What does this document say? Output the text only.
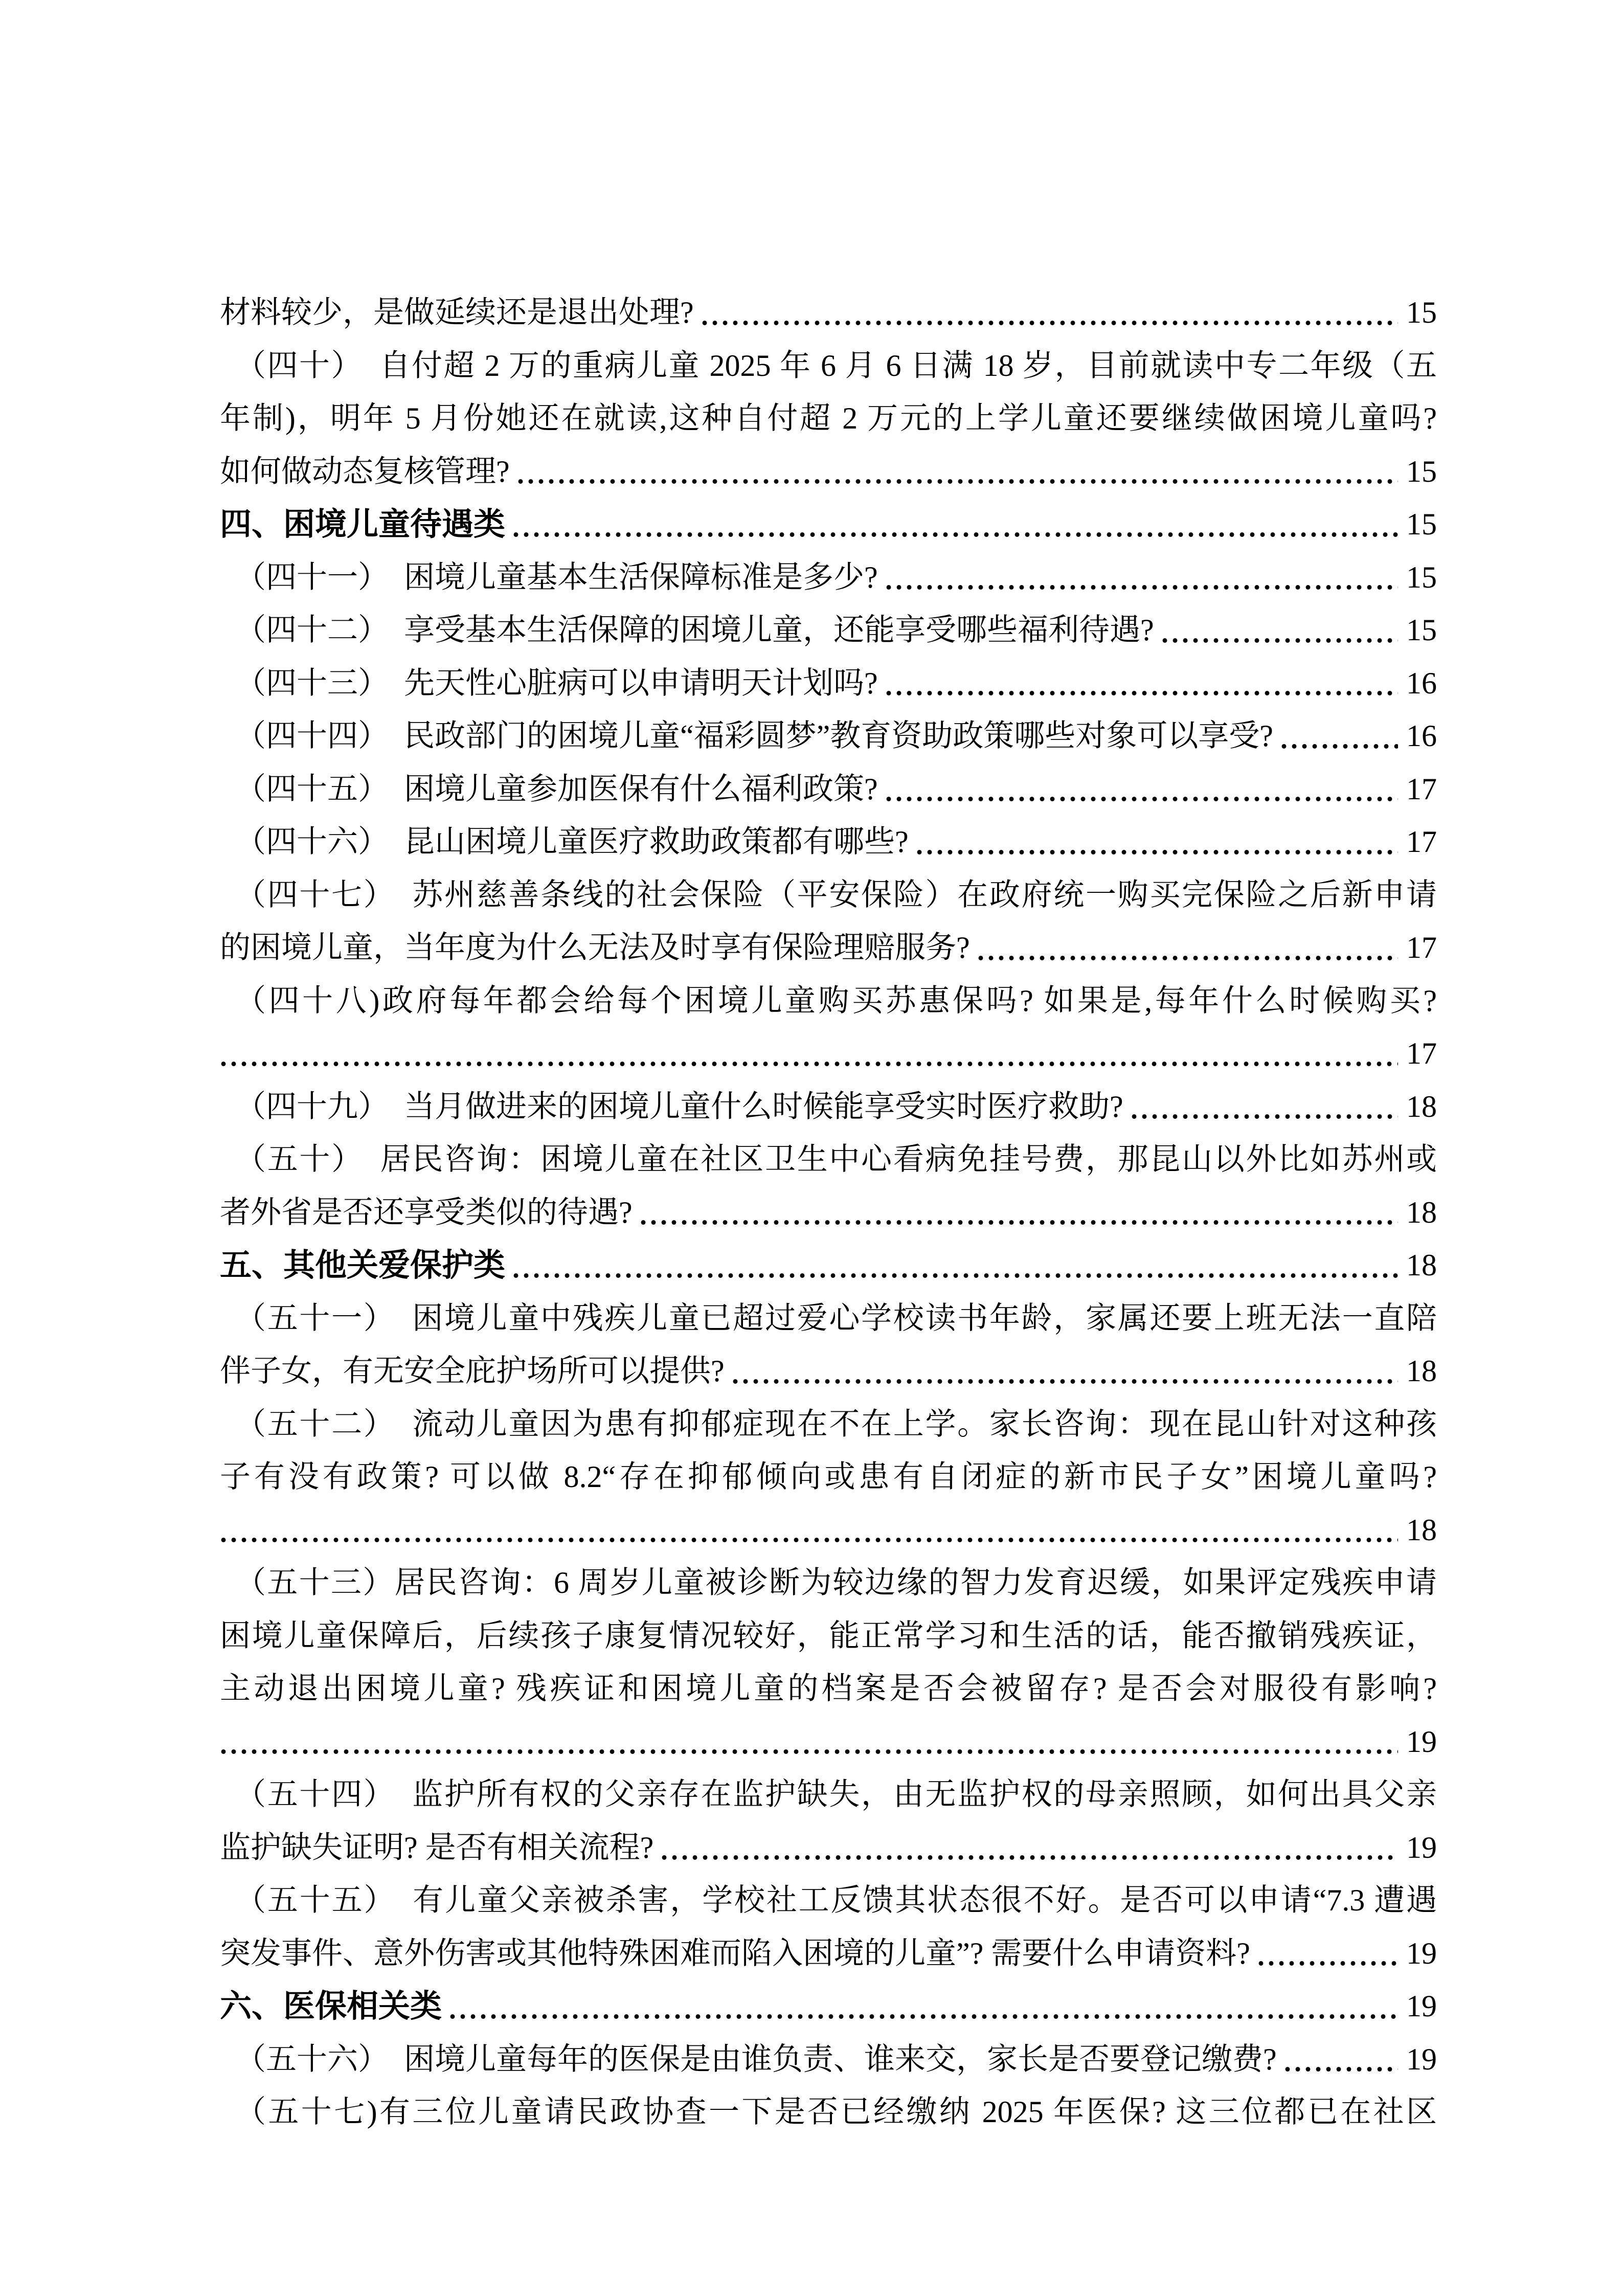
材料较少，是做延续还是退出处理?	15
（四十）　自付超 2 万的重病儿童 2025 年 6 月 6 日满 18 岁，目前就读中专二年级（五
年制)，明年 5 月份她还在就读,这种自付超 2 万元的上学儿童还要继续做困境儿童吗?
如何做动态复核管理?	15
四、困境儿童待遇类	15
（四十一）　困境儿童基本生活保障标准是多少?	15
（四十二）　享受基本生活保障的困境儿童，还能享受哪些福利待遇?	15
（四十三）　先天性心脏病可以申请明天计划吗?	16
（四十四）　民政部门的困境儿童“福彩圆梦”教育资助政策哪些对象可以享受?	16
（四十五）　困境儿童参加医保有什么福利政策?	17
（四十六）　昆山困境儿童医疗救助政策都有哪些?	17
（四十七）　苏州慈善条线的社会保险（平安保险）在政府统一购买完保险之后新申请
的困境儿童，当年度为什么无法及时享有保险理赔服务?	17
（四十八)政府每年都会给每个困境儿童购买苏惠保吗? 如果是,每年什么时候购买?
17
（四十九）　当月做进来的困境儿童什么时候能享受实时医疗救助?	18
（五十）　居民咨询：困境儿童在社区卫生中心看病免挂号费，那昆山以外比如苏州或
者外省是否还享受类似的待遇?	18
五、其他关爱保护类	18
（五十一）　困境儿童中残疾儿童已超过爱心学校读书年龄，家属还要上班无法一直陪
伴子女，有无安全庇护场所可以提供?	18
（五十二）　流动儿童因为患有抑郁症现在不在上学。家长咨询：现在昆山针对这种孩
子有没有政策? 可以做 8.2“存在抑郁倾向或患有自闭症的新市民子女”困境儿童吗?
18
（五十三）居民咨询：6 周岁儿童被诊断为较边缘的智力发育迟缓，如果评定残疾申请
困境儿童保障后，后续孩子康复情况较好，能正常学习和生活的话，能否撤销残疾证，
主动退出困境儿童? 残疾证和困境儿童的档案是否会被留存? 是否会对服役有影响?
19
（五十四）　监护所有权的父亲存在监护缺失，由无监护权的母亲照顾，如何出具父亲
监护缺失证明? 是否有相关流程?	19
（五十五）　有儿童父亲被杀害，学校社工反馈其状态很不好。是否可以申请“7.3 遭遇
突发事件、意外伤害或其他特殊困难而陷入困境的儿童”? 需要什么申请资料?	19
六、医保相关类	19
（五十六）　困境儿童每年的医保是由谁负责、谁来交，家长是否要登记缴费?	19
（五十七)有三位儿童请民政协查一下是否已经缴纳 2025 年医保? 这三位都已在社区
